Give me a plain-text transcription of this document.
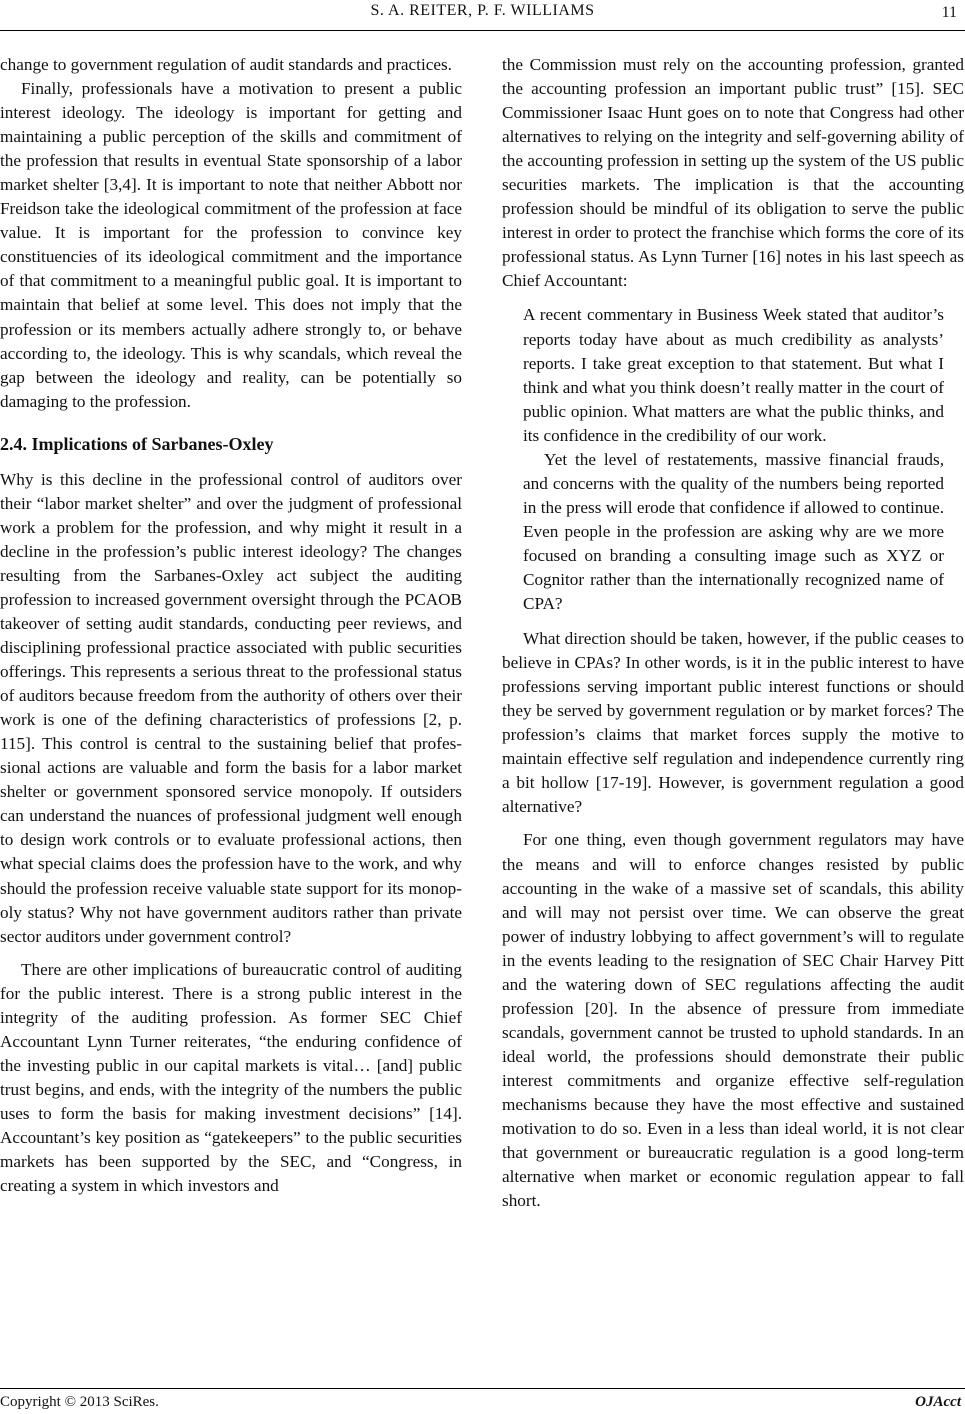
S. A. REITER, P. F. WILLIAMS	11

change to government regulation of audit standards and practices.

Finally, professionals have a motivation to present a public interest ideology. The ideology is important for getting and maintaining a public perception of the skills and commitment of the profession that results in eventual State sponsorship of a labor market shelter [3,4]. It is important to note that neither Abbott nor Freidson take the ideological commitment of the profession at face value. It is important for the profession to convince key constituencies of its ideological commitment and the importance of that commitment to a meaningful public goal. It is important to maintain that belief at some level. This does not imply that the profession or its members actually adhere strongly to, or behave according to, the ideology. This is why scandals, which reveal the gap between the ideology and reality, can be potentially so damaging to the profession.

2.4. Implications of Sarbanes-Oxley

Why is this decline in the professional control of auditors over their “labor market shelter” and over the judgment of professional work a problem for the profession, and why might it result in a decline in the profession’s public interest ideology? The changes resulting from the Sarbanes-Oxley act subject the auditing profession to increased government oversight through the PCAOB takeover of setting audit standards, conducting peer reviews, and disciplining professional practice associated with public securities offerings. This represents a serious threat to the professional status of auditors because freedom from the authority of others over their work is one of the defining characteristics of professions [2, p. 115]. This control is central to the sustaining belief that professional actions are valuable and form the basis for a labor market shelter or government sponsored service monopoly. If outsiders can understand the nuances of professional judgment well enough to design work controls or to evaluate professional actions, then what special claims does the profession have to the work, and why should the profession receive valuable state support for its monopoly status? Why not have government auditors rather than private sector auditors under government control?

There are other implications of bureaucratic control of auditing for the public interest. There is a strong public interest in the integrity of the auditing profession. As former SEC Chief Accountant Lynn Turner reiterates, “the enduring confidence of the investing public in our capital markets is vital… [and] public trust begins, and ends, with the integrity of the numbers the public uses to form the basis for making investment decisions” [14]. Accountant’s key position as “gatekeepers” to the public securities markets has been supported by the SEC, and “Congress, in creating a system in which investors and

the Commission must rely on the accounting profession, granted the accounting profession an important public trust” [15]. SEC Commissioner Isaac Hunt goes on to note that Congress had other alternatives to relying on the integrity and self-governing ability of the accounting profession in setting up the system of the US public securities markets. The implication is that the accounting profession should be mindful of its obligation to serve the public interest in order to protect the franchise which forms the core of its professional status. As Lynn Turner [16] notes in his last speech as Chief Accountant:

A recent commentary in Business Week stated that auditor’s reports today have about as much credibility as analysts’ reports. I take great exception to that statement. But what I think and what you think doesn’t really matter in the court of public opinion. What matters are what the public thinks, and its confidence in the credibility of our work.

Yet the level of restatements, massive financial frauds, and concerns with the quality of the numbers being reported in the press will erode that confidence if allowed to continue. Even people in the profession are asking why are we more focused on branding a consulting image such as XYZ or Cognitor rather than the internationally recognized name of CPA?

What direction should be taken, however, if the public ceases to believe in CPAs? In other words, is it in the public interest to have professions serving important public interest functions or should they be served by government regulation or by market forces? The profession’s claims that market forces supply the motive to maintain effective self regulation and independence currently ring a bit hollow [17-19]. However, is government regulation a good alternative?

For one thing, even though government regulators may have the means and will to enforce changes resisted by public accounting in the wake of a massive set of scandals, this ability and will may not persist over time. We can observe the great power of industry lobbying to affect government’s will to regulate in the events leading to the resignation of SEC Chair Harvey Pitt and the watering down of SEC regulations affecting the audit profession [20]. In the absence of pressure from immediate scandals, government cannot be trusted to uphold standards. In an ideal world, the professions should demonstrate their public interest commitments and organize effective self-regulation mechanisms because they have the most effective and sustained motivation to do so. Even in a less than ideal world, it is not clear that government or bureaucratic regulation is a good long-term alternative when market or economic regulation appear to fall short.

Copyright © 2013 SciRes.	OJAcct
